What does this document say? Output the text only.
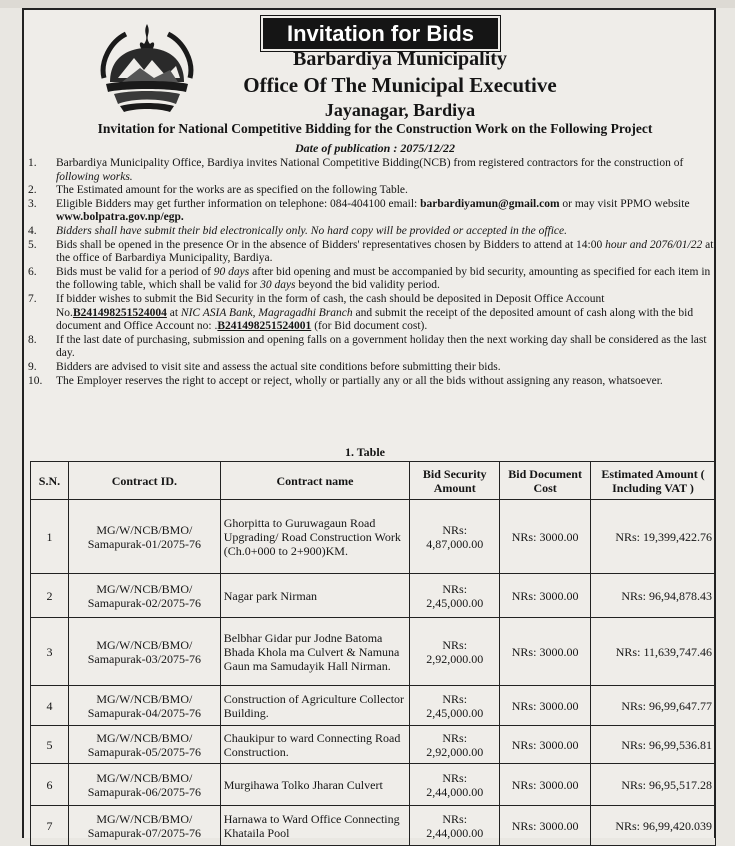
Invitation for Bids
Barbardiya Municipality
Office Of The Municipal Executive
Jayanagar, Bardiya
Invitation for National Competitive Bidding for the Construction Work on the Following Project
Date of publication : 2075/12/22
1.	Barbardiya Municipality Office, Bardiya invites National Competitive Bidding(NCB) from registered contractors for the construction of following works.
2.	The Estimated amount for the works are as specified on the following Table.
3.	Eligible Bidders may get further information on telephone: 084-404100 email: barbardiyamun@gmail.com or may visit PPMO website www.bolpatra.gov.np/egp.
4.	Bidders shall have submit their bid electronically only. No hard copy will be provided or accepted in the office.
5.	Bids shall be opened in the presence Or in the absence of Bidders' representatives chosen by Bidders to attend at 14:00 hour and 2076/01/22 at the office of Barbardiya Municipality, Bardiya.
6.	Bids must be valid for a period of 90 days after bid opening and must be accompanied by bid security, amounting as specified for each item in the following table, which shall be valid for 30 days beyond the bid validity period.
7.	If bidder wishes to submit the Bid Security in the form of cash, the cash should be deposited in Deposit Office Account No.B241498251524004 at NIC ASIA Bank, Magragadhi Branch and submit the receipt of the deposited amount of cash along with the bid document and Office Account no: .B241498251524001 (for Bid document cost).
8.	If the last date of purchasing, submission and opening falls on a government holiday then the next working day shall be considered as the last day.
9.	Bidders are advised to visit site and assess the actual site conditions before submitting their bids.
10.	The Employer reserves the right to accept or reject, wholly or partially any or all the bids without assigning any reason, whatsoever.
1. Table
S.N.	Contract ID.	Contract name	Bid Security Amount	Bid Document Cost	Estimated Amount ( Including VAT )
1	MG/W/NCB/BMO/ Samapurak-01/2075-76	Ghorpitta to Guruwagaun Road Upgrading/ Road Construction Work (Ch.0+000 to 2+900)KM.	NRs: 4,87,000.00	NRs: 3000.00	NRs: 19,399,422.76
2	MG/W/NCB/BMO/ Samapurak-02/2075-76	Nagar park Nirman	NRs: 2,45,000.00	NRs: 3000.00	NRs: 96,94,878.43
3	MG/W/NCB/BMO/ Samapurak-03/2075-76	Belbhar Gidar pur Jodne Batoma Bhada Khola ma Culvert & Namuna Gaun ma Samudayik Hall Nirman.	NRs: 2,92,000.00	NRs: 3000.00	NRs: 11,639,747.46
4	MG/W/NCB/BMO/ Samapurak-04/2075-76	Construction of Agriculture Collector Building.	NRs: 2,45,000.00	NRs: 3000.00	NRs: 96,99,647.77
5	MG/W/NCB/BMO/ Samapurak-05/2075-76	Chaukipur to ward Connecting Road Construction.	NRs: 2,92,000.00	NRs: 3000.00	NRs: 96,99,536.81
6	MG/W/NCB/BMO/ Samapurak-06/2075-76	Murgihawa Tolko Jharan Culvert	NRs: 2,44,000.00	NRs: 3000.00	NRs: 96,95,517.28
7	MG/W/NCB/BMO/ Samapurak-07/2075-76	Harnawa to Ward Office Connecting Khataila Pool	NRs: 2,44,000.00	NRs: 3000.00	NRs: 96,99,420.039
